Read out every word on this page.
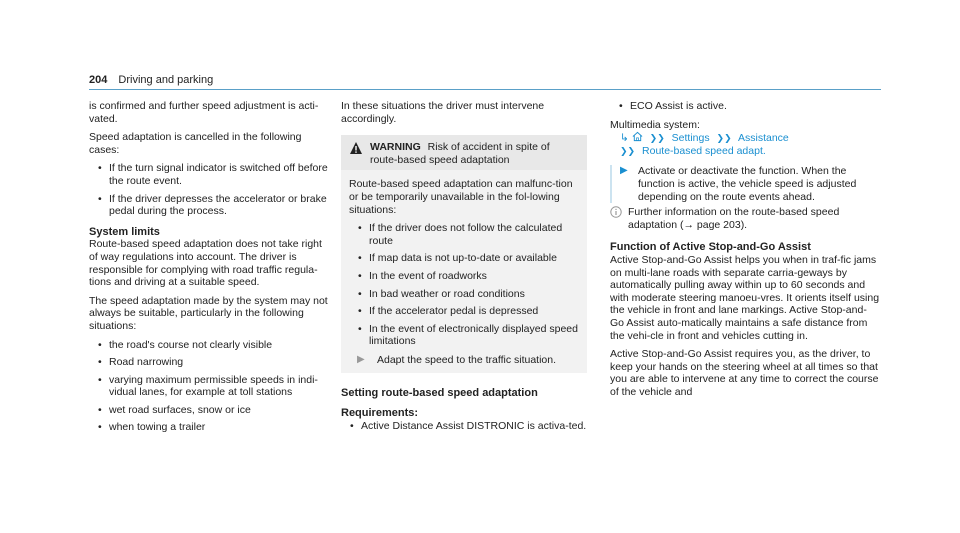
204 Driving and parking

is confirmed and further speed adjustment is acti-vated.

Speed adaptation is cancelled in the following cases:

• If the turn signal indicator is switched off before the route event.
• If the driver depresses the accelerator or brake pedal during the process.
System limits

Route-based speed adaptation does not take right of way regulations into account. The driver is responsible for complying with road traffic regula-tions and driving at a suitable speed.

The speed adaptation made by the system may not always be suitable, particularly in the following situations:

• the road's course not clearly visible
• Road narrowing
• varying maximum permissible speeds in indi-vidual lanes, for example at toll stations
• wet road surfaces, snow or ice
• when towing a trailer

In these situations the driver must intervene accordingly.

WARNING Risk of accident in spite of route-based speed adaptation

Route-based speed adaptation can malfunc-tion or be temporarily unavailable in the fol-lowing situations:

• If the driver does not follow the calculated route
• If map data is not up-to-date or available
• In the event of roadworks
• In bad weather or road conditions
• If the accelerator pedal is depressed
• In the event of electronically displayed speed limitations
▶	Adapt the speed to the traffic situation.
Setting route-based speed adaptation
Requirements:
• Active Distance Assist DISTRONIC is activa-ted.
• ECO Assist is active.

Multimedia system:

↳ ❯❯ Settings ❯❯ Assistance
❯❯ Route-based speed adapt.
▶ Activate or deactivate the function. When the function is active, the vehicle speed is adjusted depending on the route events ahead.
Further information on the route-based speed adaptation (→ page 203).
Function of Active Stop-and-Go Assist

Active Stop-and-Go Assist helps you when in traf-fic jams on multi-lane roads with separate carria-geways by automatically pulling away within up to 60 seconds and with moderate steering manoeu-vres. It orients itself using the vehicle in front and lane markings. Active Stop-and-Go Assist auto-matically maintains a safe distance from the vehi-cle in front and vehicles cutting in.

Active Stop-and-Go Assist requires you, as the driver, to keep your hands on the steering wheel at all times so that you are able to intervene at any time to correct the course of the vehicle and
